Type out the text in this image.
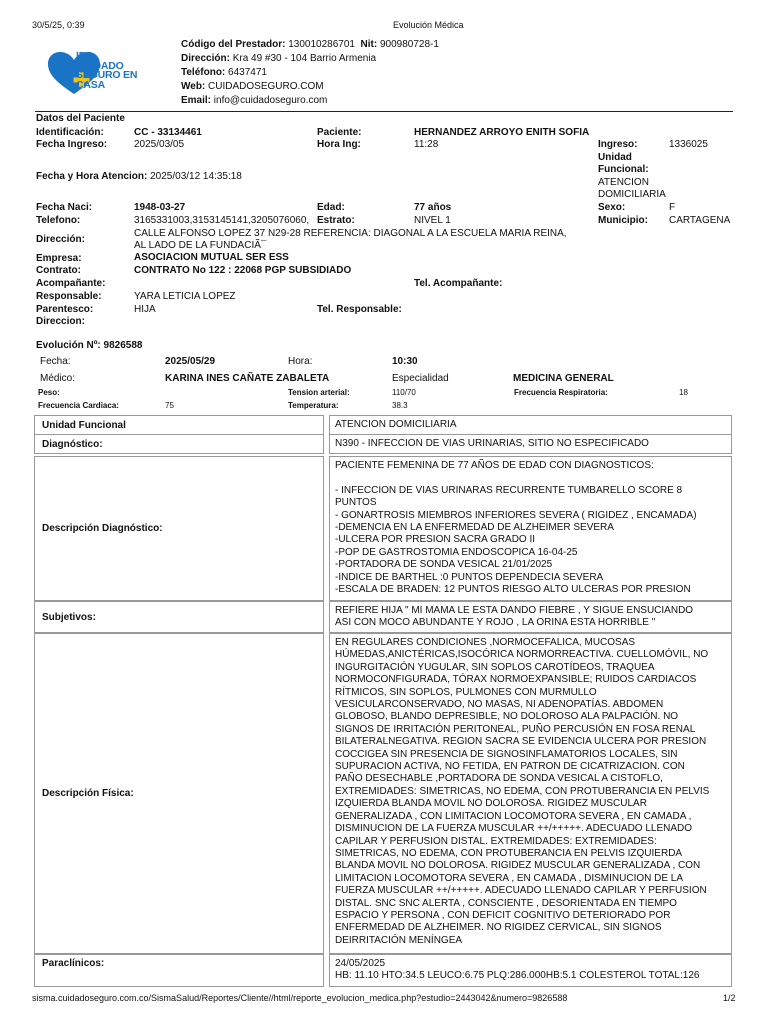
30/5/25, 0:39	Evolución Médica
IPS
CUIDADO
SEGURO EN
CASA
Código del Prestador: 130010286701 Nit: 900980728-1
Dirección: Kra 49 #30 - 104 Barrio Armenia
Teléfono: 6437471
Web: CUIDADOSEGURO.COM
Email: info@cuidadoseguro.com
Datos del Paciente
Identificación:	CC - 33134461	Paciente:	HERNANDEZ ARROYO ENITH SOFIA
Fecha Ingreso:	2025/03/05	Hora Ing:	11:28	Ingreso:	1336025
Unidad
Funcional:
ATENCION
DOMICILIARIA
Fecha y Hora Atencion: 2025/03/12 14:35:18
Fecha Naci:	1948-03-27	Edad:	77 años	Sexo:	F
Telefono:	3165331003,3153145141,3205076060, Estrato:	NIVEL 1	Municipio: CARTAGENA
Dirección:
CALLE ALFONSO LOPEZ 37 N29-28 REFERENCIA: DIAGONAL A LA ESCUELA MARIA REINA,
AL LADO DE LA FUNDACIÃ¯
Empresa:	ASOCIACION MUTUAL SER ESS
Contrato:	CONTRATO No 122 : 22068 PGP SUBSIDIADO
Acompañante:	Tel. Acompañante:
Responsable:	YARA LETICIA LOPEZ
Parentesco:	HIJA	Tel. Responsable:
Direccion:
Evolución Nº: 9826588
Fecha:	2025/05/29	Hora:	10:30
Médico:	KARINA INES CAÑATE ZABALETA	Especialidad	MEDICINA GENERAL
Peso:	Tension arterial:	110/70	Frecuencia Respiratoria:	18
Frecuencia Cardiaca:	75	Temperatura:	38.3
Unidad Funcional	ATENCION DOMICILIARIA
Diagnóstico:	N390 - INFECCION DE VIAS URINARIAS, SITIO NO ESPECIFICADO
Descripción Diagnóstico:
PACIENTE FEMENINA DE 77 AÑOS DE EDAD CON DIAGNOSTICOS:

- INFECCION DE VIAS URINARAS RECURRENTE TUMBARELLO SCORE 8
PUNTOS
- GONARTROSIS MIEMBROS INFERIORES SEVERA ( RIGIDEZ , ENCAMADA)
-DEMENCIA EN LA ENFERMEDAD DE ALZHEIMER SEVERA
-ULCERA POR PRESION SACRA GRADO II
-POP DE GASTROSTOMIA ENDOSCOPICA 16-04-25
-PORTADORA DE SONDA VESICAL 21/01/2025
-INDICE DE BARTHEL :0 PUNTOS DEPENDECIA SEVERA
-ESCALA DE BRADEN: 12 PUNTOS RIESGO ALTO ULCERAS POR PRESION
Subjetivos:
REFIERE HIJA " MI MAMA LE ESTA DANDO FIEBRE , Y SIGUE ENSUCIANDO
ASI CON MOCO ABUNDANTE Y ROJO , LA ORINA ESTA HORRIBLE "
Descripción Física:
EN REGULARES CONDICIONES ,NORMOCEFALICA, MUCOSAS
HÚMEDAS,ANICTÉRICAS,ISOCÓRICA NORMORREACTIVA. CUELLOMÓVIL, NO
INGURGITACIÓN YUGULAR, SIN SOPLOS CAROTÍDEOS, TRAQUEA
NORMOCONFIGURADA, TÓRAX NORMOEXPANSIBLE; RUIDOS CARDIACOS
RÍTMICOS, SIN SOPLOS, PULMONES CON MURMULLO
VESICULARCONSERVADO, NO MASAS, NI ADENOPATÍAS. ABDOMEN
GLOBOSO, BLANDO DEPRESIBLE, NO DOLOROSO ALA PALPACIÓN. NO
SIGNOS DE IRRITACIÓN PERITONEAL, PUÑO PERCUSIÓN EN FOSA RENAL
BILATERALNEGATIVA. REGION SACRA SE EVIDENCIA ULCERA POR PRESION
COCCIGEA SIN PRESENCIA DE SIGNOSINFLAMATORIOS LOCALES, SIN
SUPURACION ACTIVA, NO FETIDA, EN PATRON DE CICATRIZACION. CON
PAÑO DESECHABLE ,PORTADORA DE SONDA VESICAL A CISTOFLO,
EXTREMIDADES: SIMETRICAS, NO EDEMA, CON PROTUBERANCIA EN PELVIS
IZQUIERDA BLANDA MOVIL NO DOLOROSA. RIGIDEZ MUSCULAR
GENERALIZADA , CON LIMITACION LOCOMOTORA SEVERA , EN CAMADA ,
DISMINUCION DE LA FUERZA MUSCULAR ++/+++++. ADECUADO LLENADO
CAPILAR Y PERFUSION DISTAL. EXTREMIDADES: EXTREMIDADES:
SIMETRICAS, NO EDEMA, CON PROTUBERANCIA EN PELVIS IZQUIERDA
BLANDA MOVIL NO DOLOROSA. RIGIDEZ MUSCULAR GENERALIZADA , CON
LIMITACION LOCOMOTORA SEVERA , EN CAMADA , DISMINUCION DE LA
FUERZA MUSCULAR ++/+++++. ADECUADO LLENADO CAPILAR Y PERFUSION
DISTAL. SNC SNC ALERTA , CONSCIENTE , DESORIENTADA EN TIEMPO
ESPACIO Y PERSONA , CON DEFICIT COGNITIVO DETERIORADO POR
ENFERMEDAD DE ALZHEIMER. NO RIGIDEZ CERVICAL, SIN SIGNOS
DEIRRITACIÓN MENÍNGEA
Paraclínicos:	24/05/2025
HB: 11.10 HTO:34.5 LEUCO:6.75 PLQ:286.000HB:5.1 COLESTEROL TOTAL:126
sisma.cuidadoseguro.com.co/SismaSalud/Reportes/Cliente//html/reporte_evolucion_medica.php?estudio=2443042&numero=9826588	1/2
